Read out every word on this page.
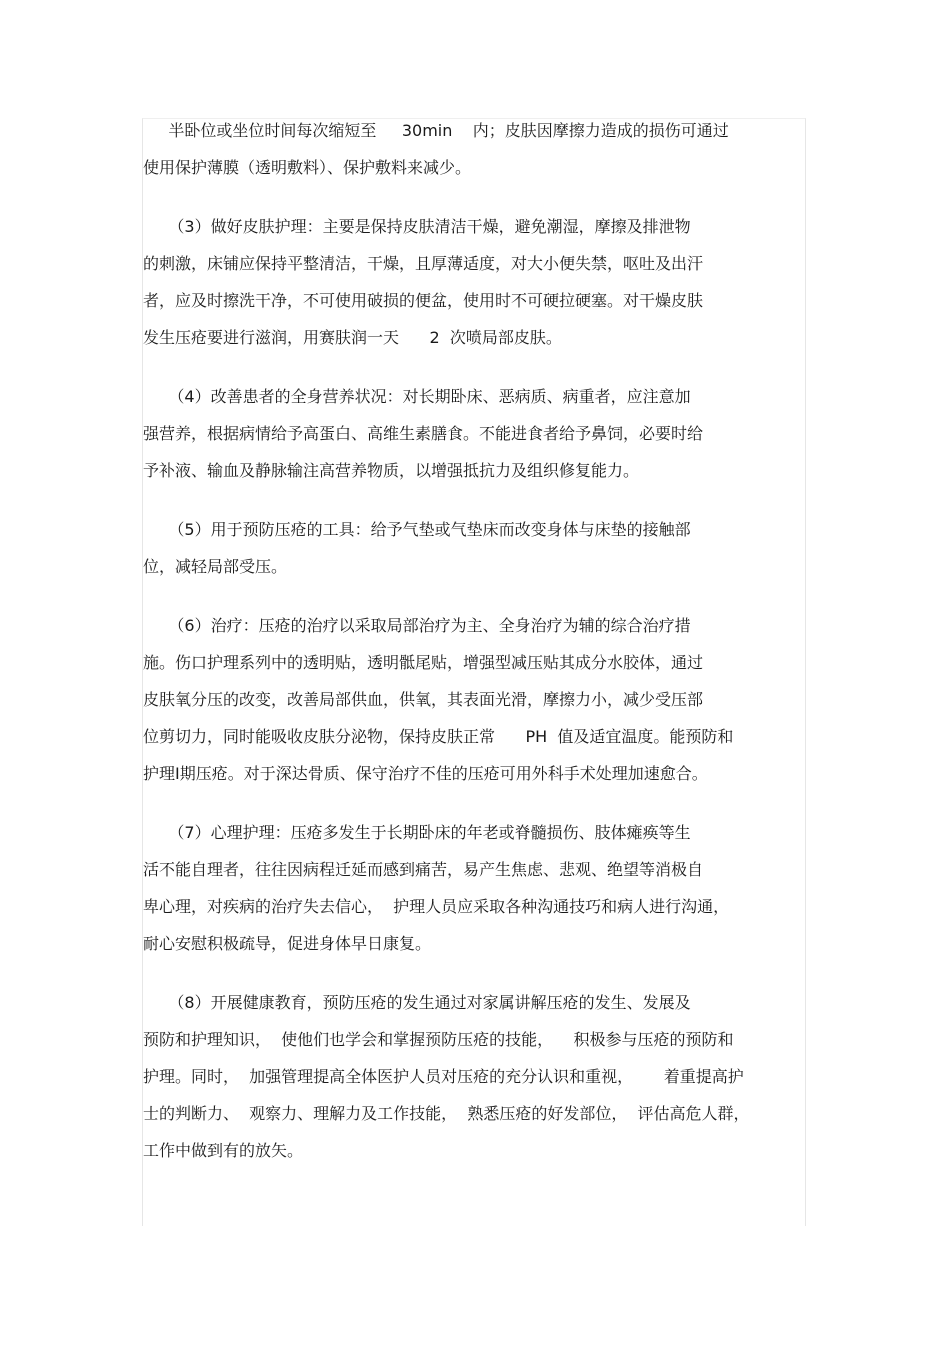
半卧位或坐位时间每次缩短至     30min    内；皮肤因摩擦力造成的损伤可通过
使用保护薄膜（透明敷料）、保护敷料来减少。
（3）做好皮肤护理：主要是保持皮肤清洁干燥，避免潮湿，摩擦及排泄物
的刺激，床铺应保持平整清洁，干燥，且厚薄适度，对大小便失禁，呕吐及出汗
者，应及时擦洗干净，不可使用破损的便盆，使用时不可硬拉硬塞。对干燥皮肤
发生压疮要进行滋润，用赛肤润一天      2  次喷局部皮肤。
（4）改善患者的全身营养状况：对长期卧床、恶病质、病重者，应注意加
强营养，根据病情给予高蛋白、高维生素膳食。不能进食者给予鼻饲，必要时给
予补液、输血及静脉输注高营养物质，以增强抵抗力及组织修复能力。
（5）用于预防压疮的工具：给予气垫或气垫床而改变身体与床垫的接触部
位，减轻局部受压。
（6）治疗：压疮的治疗以采取局部治疗为主、全身治疗为辅的综合治疗措
施。伤口护理系列中的透明贴，透明骶尾贴，增强型减压贴其成分水胶体，通过
皮肤氧分压的改变，改善局部供血，供氧，其表面光滑，摩擦力小，减少受压部
位剪切力，同时能吸收皮肤分泌物，保持皮肤正常      PH  值及适宜温度。能预防和
护理Ⅰ期压疮。对于深达骨质、保守治疗不佳的压疮可用外科手术处理加速愈合。
（7）心理护理：压疮多发生于长期卧床的年老或脊髓损伤、肢体瘫痪等生
活不能自理者，往往因病程迁延而感到痛苦，易产生焦虑、悲观、绝望等消极自
卑心理，对疾病的治疗失去信心，  护理人员应采取各种沟通技巧和病人进行沟通，
耐心安慰积极疏导，促进身体早日康复。
（8）开展健康教育，预防压疮的发生通过对家属讲解压疮的发生、发展及
预防和护理知识，  使他们也学会和掌握预防压疮的技能，    积极参与压疮的预防和
护理。同时，  加强管理提高全体医护人员对压疮的充分认识和重视，      着重提高护
士的判断力、  观察力、理解力及工作技能，  熟悉压疮的好发部位，  评估高危人群，
工作中做到有的放矢。
